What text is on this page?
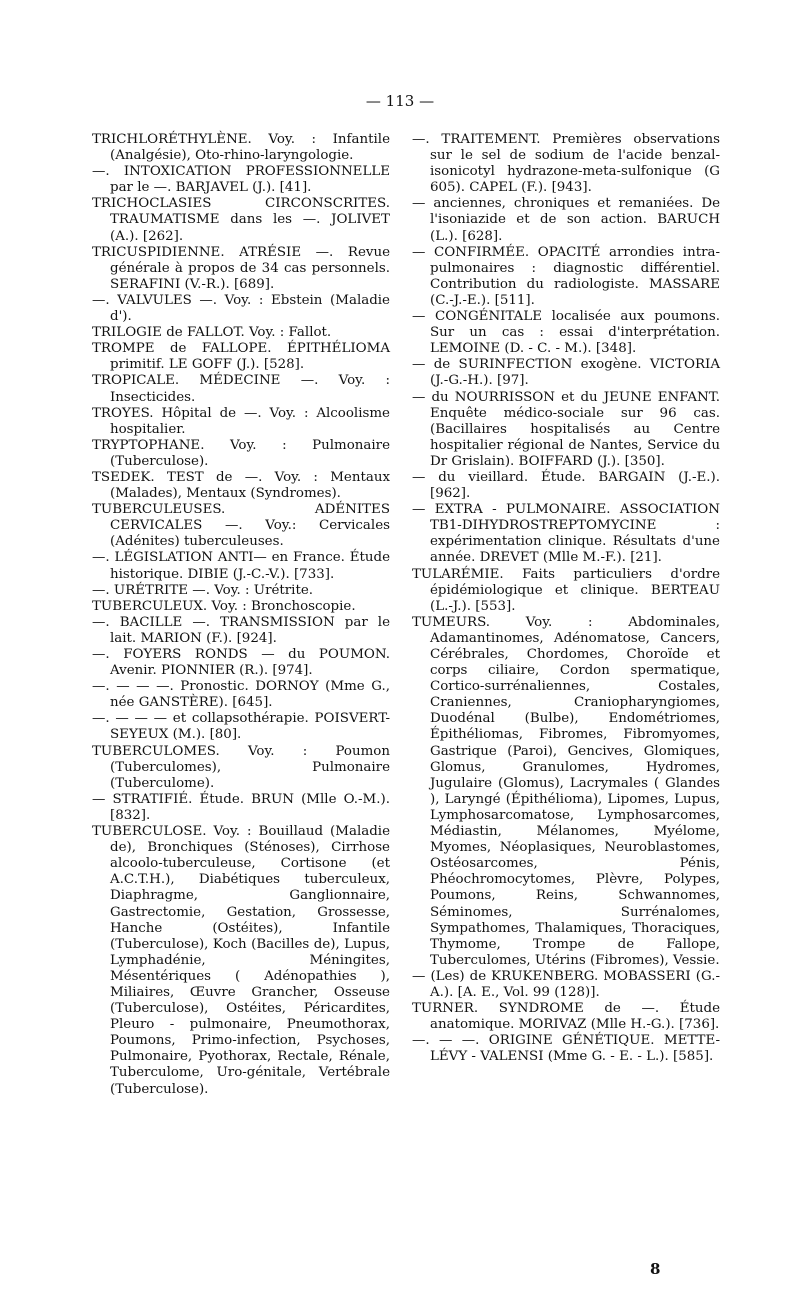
— 113 —

TRICHLORÉTHYLÈNE. Voy. : Infantile (Analgésie), Oto-rhino-laryngologie.

—. INTOXICATION PROFESSIONNELLE par le —. BARJAVEL (J.). [41].

TRICHOCLASIES CIRCONSCRITES. TRAUMATISME dans les —. JOLIVET (A.). [262].

TRICUSPIDIENNE. ATRÉSIE —. Revue générale à propos de 34 cas personnels. SERAFINI (V.-R.). [689].

—. VALVULES —. Voy. : Ebstein (Maladie d').

TRILOGIE de FALLOT. Voy. : Fallot.

TROMPE de FALLOPE. ÉPITHÉLIOMA primitif. LE GOFF (J.). [528].

TROPICALE. MÉDECINE —. Voy. : Insecticides.

TROYES. Hôpital de —. Voy. : Alcoolisme hospitalier.

TRYPTOPHANE. Voy. : Pulmonaire (Tuberculose).

TSEDEK. TEST de —. Voy. : Mentaux (Malades), Mentaux (Syndromes).

TUBERCULEUSES. ADÉNITES CERVICALES —. Voy.: Cervicales (Adénites) tuberculeuses.

—. LÉGISLATION ANTI— en France. Étude historique. DIBIE (J.-C.-V.). [733].

—. URÉTRITE —. Voy. : Urétrite.

TUBERCULEUX. Voy. : Bronchoscopie.

—. BACILLE —. TRANSMISSION par le lait. MARION (F.). [924].

—. FOYERS RONDS — du POUMON. Avenir. PIONNIER (R.). [974].

—. — — —. Pronostic. DORNOY (Mme G., née GANSTÈRE). [645].

—. — — — et collapsothérapie. POISVERT-SEYEUX (M.). [80].

TUBERCULOMES. Voy. : Poumon (Tuberculomes), Pulmonaire (Tuberculome).

— STRATIFIÉ. Étude. BRUN (Mlle O.-M.). [832].

TUBERCULOSE. Voy. : Bouillaud (Maladie de), Bronchiques (Sténoses), Cirrhose alcoolo-tuberculeuse, Cortisone (et A.C.T.H.), Diabétiques tuberculeux, Diaphragme, Ganglionnaire, Gastrectomie, Gestation, Grossesse, Hanche (Ostéites), Infantile (Tuberculose), Koch (Bacilles de), Lupus, Lymphadénie, Méningites, Mésentériques ( Adénopathies ), Miliaires, Œuvre Grancher, Osseuse (Tuberculose), Ostéites, Péricardites, Pleuro - pulmonaire, Pneumothorax, Poumons, Primo-infection, Psychoses, Pulmonaire, Pyothorax, Rectale, Rénale, Tuberculome, Uro-génitale, Vertébrale (Tuberculose).

—. TRAITEMENT. Premières observations sur le sel de sodium de l'acide benzal-isonicotyl hydrazone-meta-sulfonique (G 605). CAPEL (F.). [943].

— anciennes, chroniques et remaniées. De l'isoniazide et de son action. BARUCH (L.). [628].

— CONFIRMÉE. OPACITÉ arrondies intra-pulmonaires : diagnostic différentiel. Contribution du radiologiste. MASSARE (C.-J.-E.). [511].

— CONGÉNITALE localisée aux poumons. Sur un cas : essai d'interprétation. LEMOINE (D. - C. - M.). [348].

— de SURINFECTION exogène. VICTORIA (J.-G.-H.). [97].

— du NOURRISSON et du JEUNE ENFANT. Enquête médico-sociale sur 96 cas. (Bacillaires hospitalisés au Centre hospitalier régional de Nantes, Service du Dr Grislain). BOIFFARD (J.). [350].

— du vieillard. Étude. BARGAIN (J.-E.). [962].

— EXTRA - PULMONAIRE. ASSOCIATION TB1-DIHYDROSTREPTOMYCINE : expérimentation clinique. Résultats d'une année. DREVET (Mlle M.-F.). [21].

TULARÉMIE. Faits particuliers d'ordre épidémiologique et clinique. BERTEAU (L.-J.). [553].

TUMEURS. Voy. : Abdominales, Adamantinomes, Adénomatose, Cancers, Cérébrales, Chordomes, Choroïde et corps ciliaire, Cordon spermatique, Cortico-surrénaliennes, Costales, Craniennes, Craniopharyngiomes, Duodénal (Bulbe), Endométriomes, Épithéliomas, Fibromes, Fibromyomes, Gastrique (Paroi), Gencives, Glomiques, Glomus, Granulomes, Hydromes, Jugulaire (Glomus), Lacrymales ( Glandes ), Laryngé (Épithélioma), Lipomes, Lupus, Lymphosarcomatose, Lymphosarcomes, Médiastin, Mélanomes, Myélome, Myomes, Néoplasiques, Neuroblastomes, Ostéosarcomes, Pénis, Phéochromocytomes, Plèvre, Polypes, Poumons, Reins, Schwannomes, Séminomes, Surrénalomes, Sympathomes, Thalamiques, Thoraciques, Thymome, Trompe de Fallope, Tuberculomes, Utérins (Fibromes), Vessie.

— (Les) de KRUKENBERG. MOBASSERI (G.-A.). [A. E., Vol. 99 (128)].

TURNER. SYNDROME de —. Étude anatomique. MORIVAZ (Mlle H.-G.). [736].

—. — —. ORIGINE GÉNÉTIQUE. METTE-LÉVY - VALENSI (Mme G. - E. - L.). [585].

8
